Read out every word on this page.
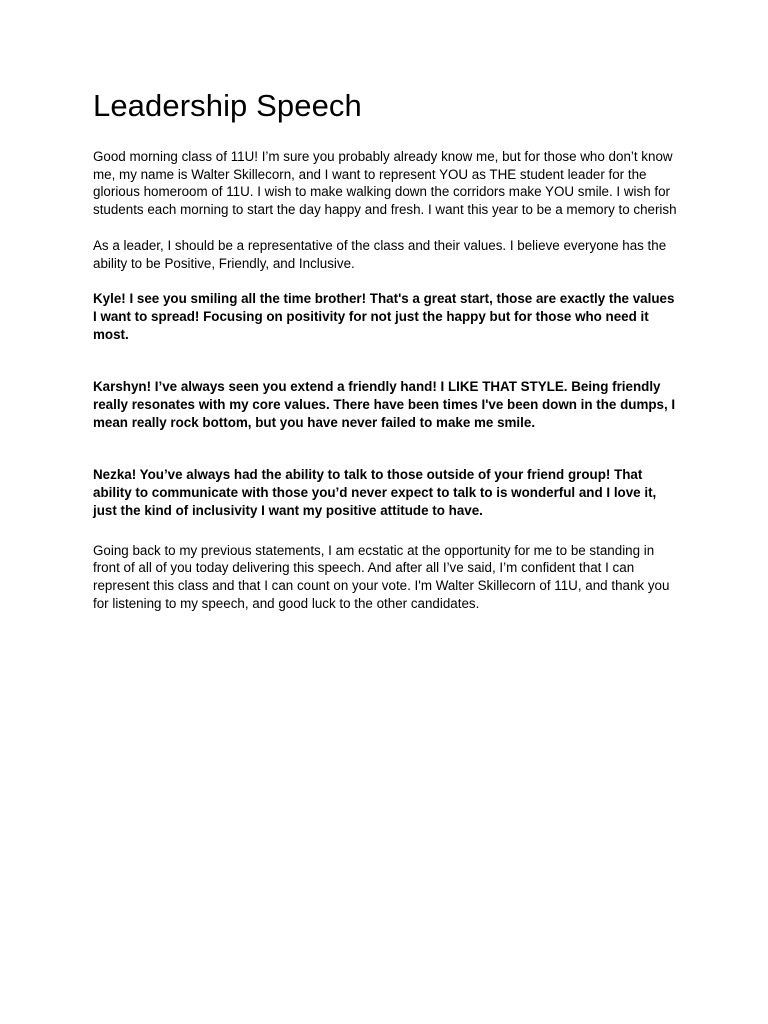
Leadership Speech

Good morning class of 11U! I’m sure you probably already know me, but for those who don’t know me, my name is Walter Skillecorn, and I want to represent YOU as THE student leader for the glorious homeroom of 11U. I wish to make walking down the corridors make YOU smile. I wish for students each morning to start the day happy and fresh. I want this year to be a memory to cherish

As a leader, I should be a representative of the class and their values. I believe everyone has the ability to be Positive, Friendly, and Inclusive.

Kyle! I see you smiling all the time brother! That's a great start, those are exactly the values I want to spread! Focusing on positivity for not just the happy but for those who need it most.

Karshyn! I’ve always seen you extend a friendly hand! I LIKE THAT STYLE. Being friendly really resonates with my core values. There have been times I've been down in the dumps, I mean really rock bottom, but you have never failed to make me smile.

Nezka! You’ve always had the ability to talk to those outside of your friend group! That ability to communicate with those you’d never expect to talk to is wonderful and I love it, just the kind of inclusivity I want my positive attitude to have.

Going back to my previous statements, I am ecstatic at the opportunity for me to be standing in front of all of you today delivering this speech. And after all I’ve said, I’m confident that I can represent this class and that I can count on your vote. I'm Walter Skillecorn of 11U, and thank you for listening to my speech, and good luck to the other candidates.
